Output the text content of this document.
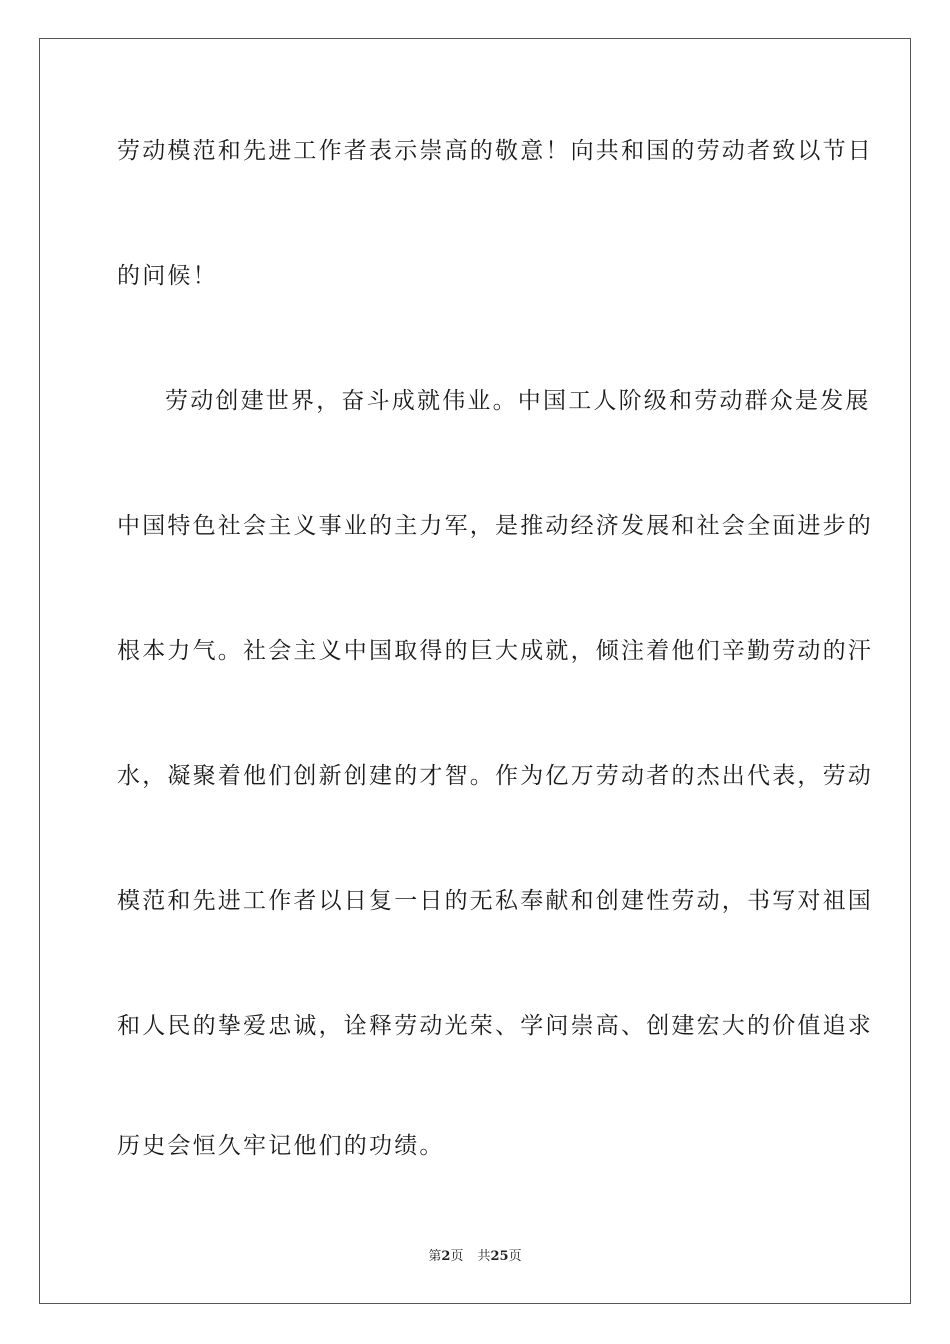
劳动模范和先进工作者表示崇高的敬意！向共和国的劳动者致以节日
的问候！
劳动创建世界，奋斗成就伟业。中国工人阶级和劳动群众是发展
中国特色社会主义事业的主力军，是推动经济发展和社会全面进步的
根本力气。社会主义中国取得的巨大成就，倾注着他们辛勤劳动的汗
水，凝聚着他们创新创建的才智。作为亿万劳动者的杰出代表，劳动
模范和先进工作者以日复一日的无私奉献和创建性劳动，书写对祖国
和人民的挚爱忠诚，诠释劳动光荣、学问崇高、创建宏大的价值追求
历史会恒久牢记他们的功绩。
第2页 共25页
